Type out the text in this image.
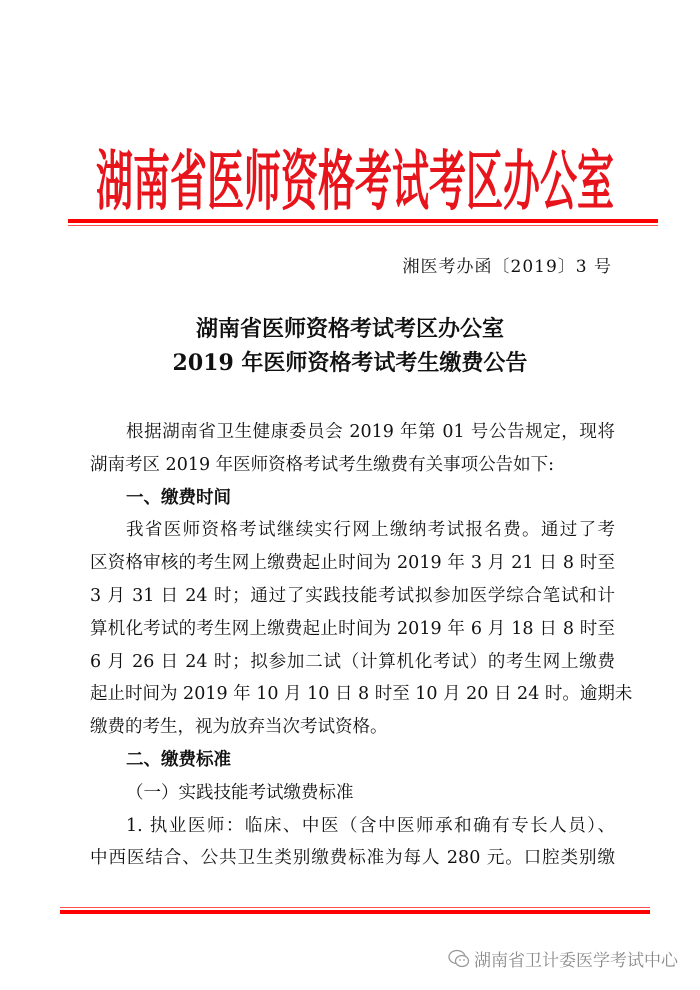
湖南省医师资格考试考区办公室
湘医考办函〔2019〕3 号
湖南省医师资格考试考区办公室
2019 年医师资格考试考生缴费公告
根据湖南省卫生健康委员会 2019 年第 01 号公告规定，现将
湖南考区 2019 年医师资格考试考生缴费有关事项公告如下:
一、缴费时间
我省医师资格考试继续实行网上缴纳考试报名费。通过了考
区资格审核的考生网上缴费起止时间为 2019 年 3 月 21 日 8 时至
3 月 31 日 24 时；通过了实践技能考试拟参加医学综合笔试和计
算机化考试的考生网上缴费起止时间为 2019 年 6 月 18 日 8 时至
6 月 26 日 24 时；拟参加二试（计算机化考试）的考生网上缴费
起止时间为 2019 年 10 月 10 日 8 时至 10 月 20 日 24 时。逾期未
缴费的考生，视为放弃当次考试资格。
二、缴费标准
（一）实践技能考试缴费标准
1. 执业医师：临床、中医（含中医师承和确有专长人员）、
中西医结合、公共卫生类别缴费标准为每人 280 元。口腔类别缴
湖南省卫计委医学考试中心
